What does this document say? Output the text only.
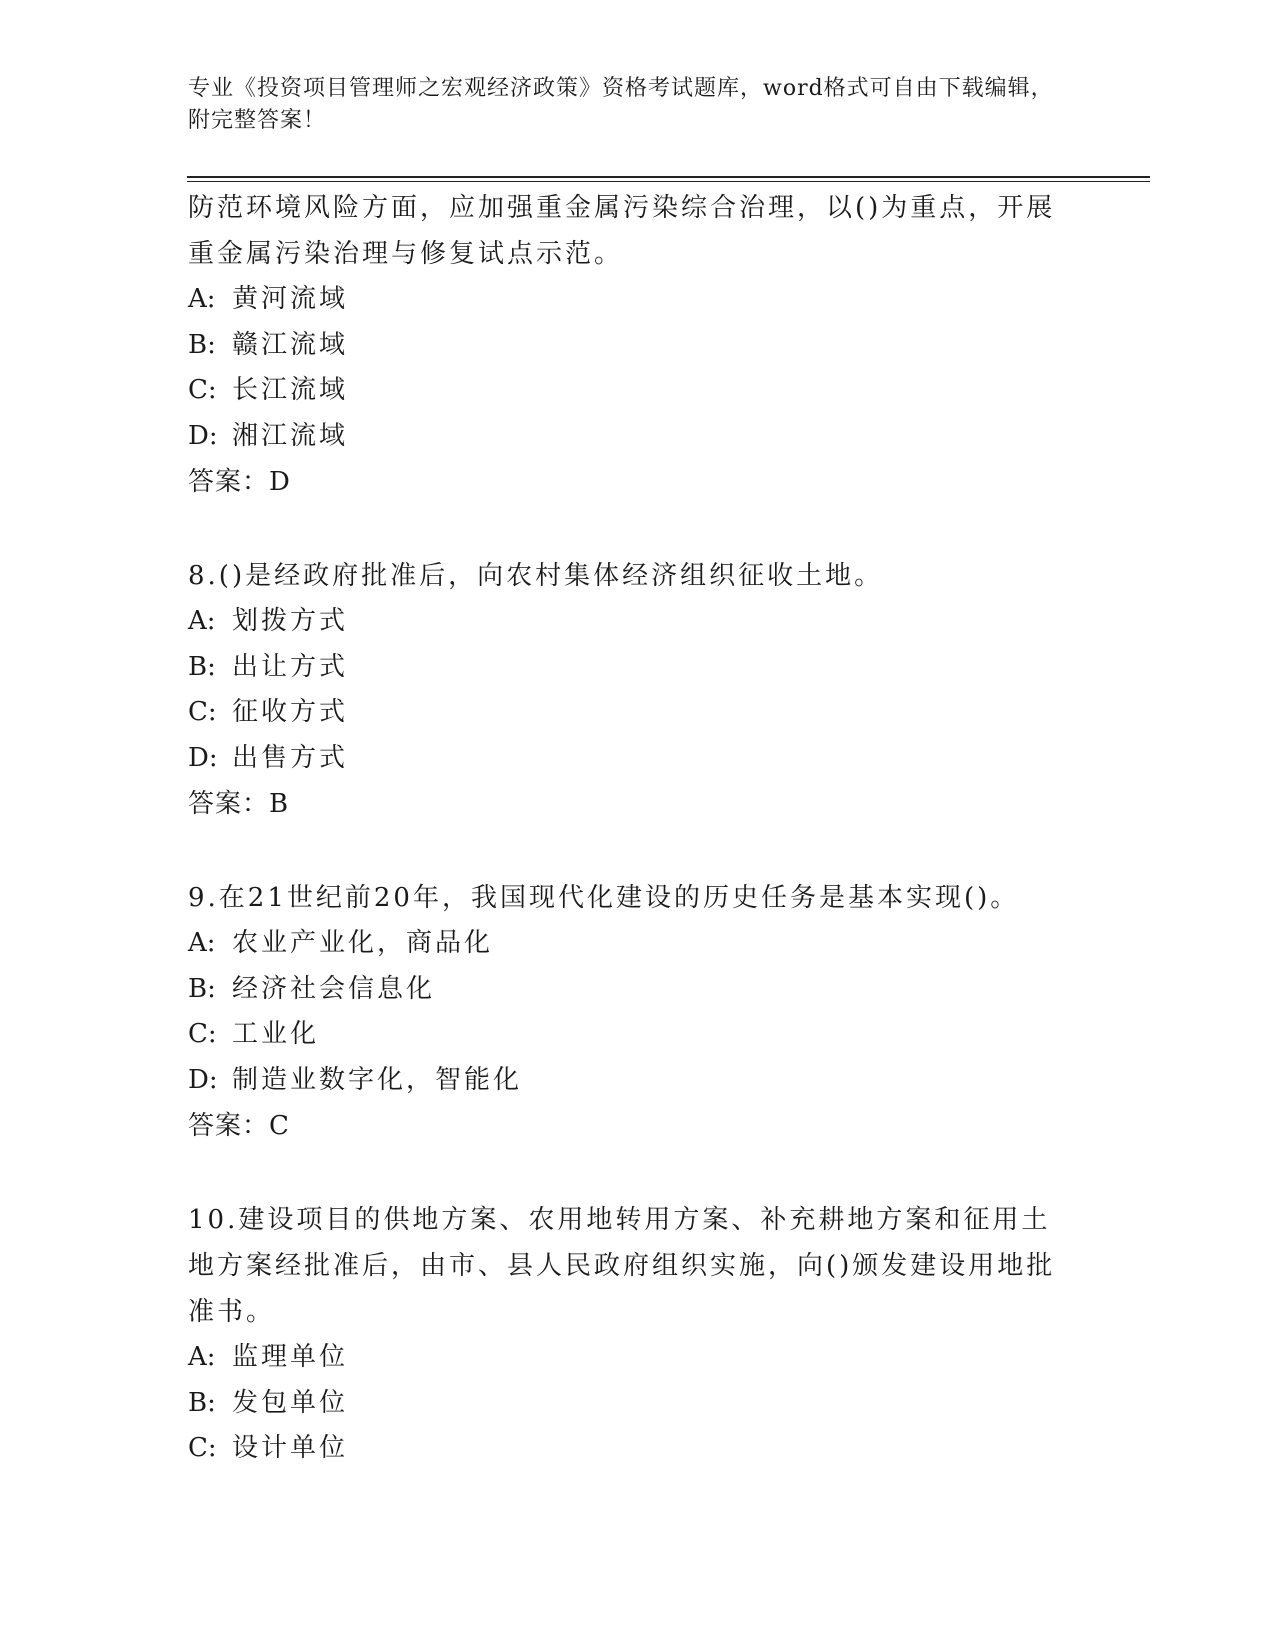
专业《投资项目管理师之宏观经济政策》资格考试题库，word格式可自由下载编辑，附完整答案！

防范环境风险方面，应加强重金属污染综合治理，以()为重点，开展重金属污染治理与修复试点示范。

A: 黄河流域

B: 赣江流域

C: 长江流域

D: 湘江流域

答案：D

8.()是经政府批准后，向农村集体经济组织征收土地。

A: 划拨方式

B: 出让方式

C: 征收方式

D: 出售方式

答案：B

9.在21世纪前20年，我国现代化建设的历史任务是基本实现()。

A: 农业产业化，商品化

B: 经济社会信息化

C: 工业化

D: 制造业数字化，智能化

答案：C

10.建设项目的供地方案、农用地转用方案、补充耕地方案和征用土地方案经批准后，由市、县人民政府组织实施，向()颁发建设用地批准书。

A: 监理单位

B: 发包单位

C: 设计单位
